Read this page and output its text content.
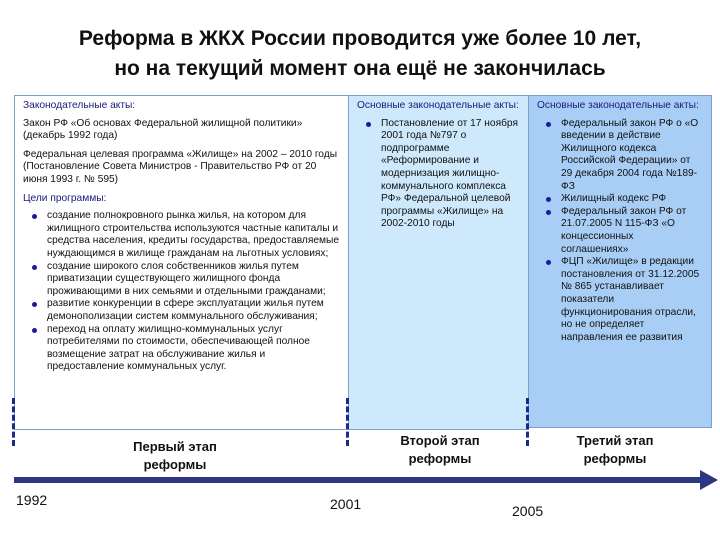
Реформа в ЖКХ России проводится уже более 10 лет,
но на текущий момент она ещё не закончилась
Законодательные акты:

Закон РФ «Об основах Федеральной жилищной политики» (декабрь 1992 года)

Федеральная целевая программа «Жилище» на 2002 – 2010 годы (Постановление Совета Министров - Правительство РФ от 20 июня 1993 г. № 595)

Цели программы:
создание полнокровного рынка жилья, на котором для жилищного строительства используются частные капиталы и средства населения, кредиты государства, предоставляемые нуждающимся в жилище гражданам на льготных условиях;
создание широкого слоя собственников жилья путем приватизации существующего жилищного фонда проживающими в них семьями и отдельными гражданами;
развитие конкуренции в сфере эксплуатации жилья путем демонополизации систем коммунального обслуживания;
переход на оплату жилищно-коммунальных услуг потребителями по стоимости, обеспечивающей полное возмещение затрат на обслуживание жилья и предоставление коммунальных услуг.
Основные законодательные акты:
Постановление от 17 ноября 2001 года №797 о подпрограмме «Реформирование и модернизация жилищно-коммунального комплекса РФ» Федеральной целевой программы «Жилище» на 2002-2010 годы
Основные законодательные акты:
Федеральный закон РФ о «О введении в действие Жилищного кодекса Российской Федерации» от 29 декабря 2004 года №189-ФЗ
Жилищный кодекс РФ
Федеральный закон РФ от 21.07.2005 N 115-ФЗ «О концессионных соглашениях»
ФЦП «Жилище» в редакции постановления от 31.12.2005 № 865 устанавливает показатели функционирования отрасли, но не определяет направления ее развития
Первый этап реформы
Второй этап реформы
Третий этап реформы
1992	2001	2005
